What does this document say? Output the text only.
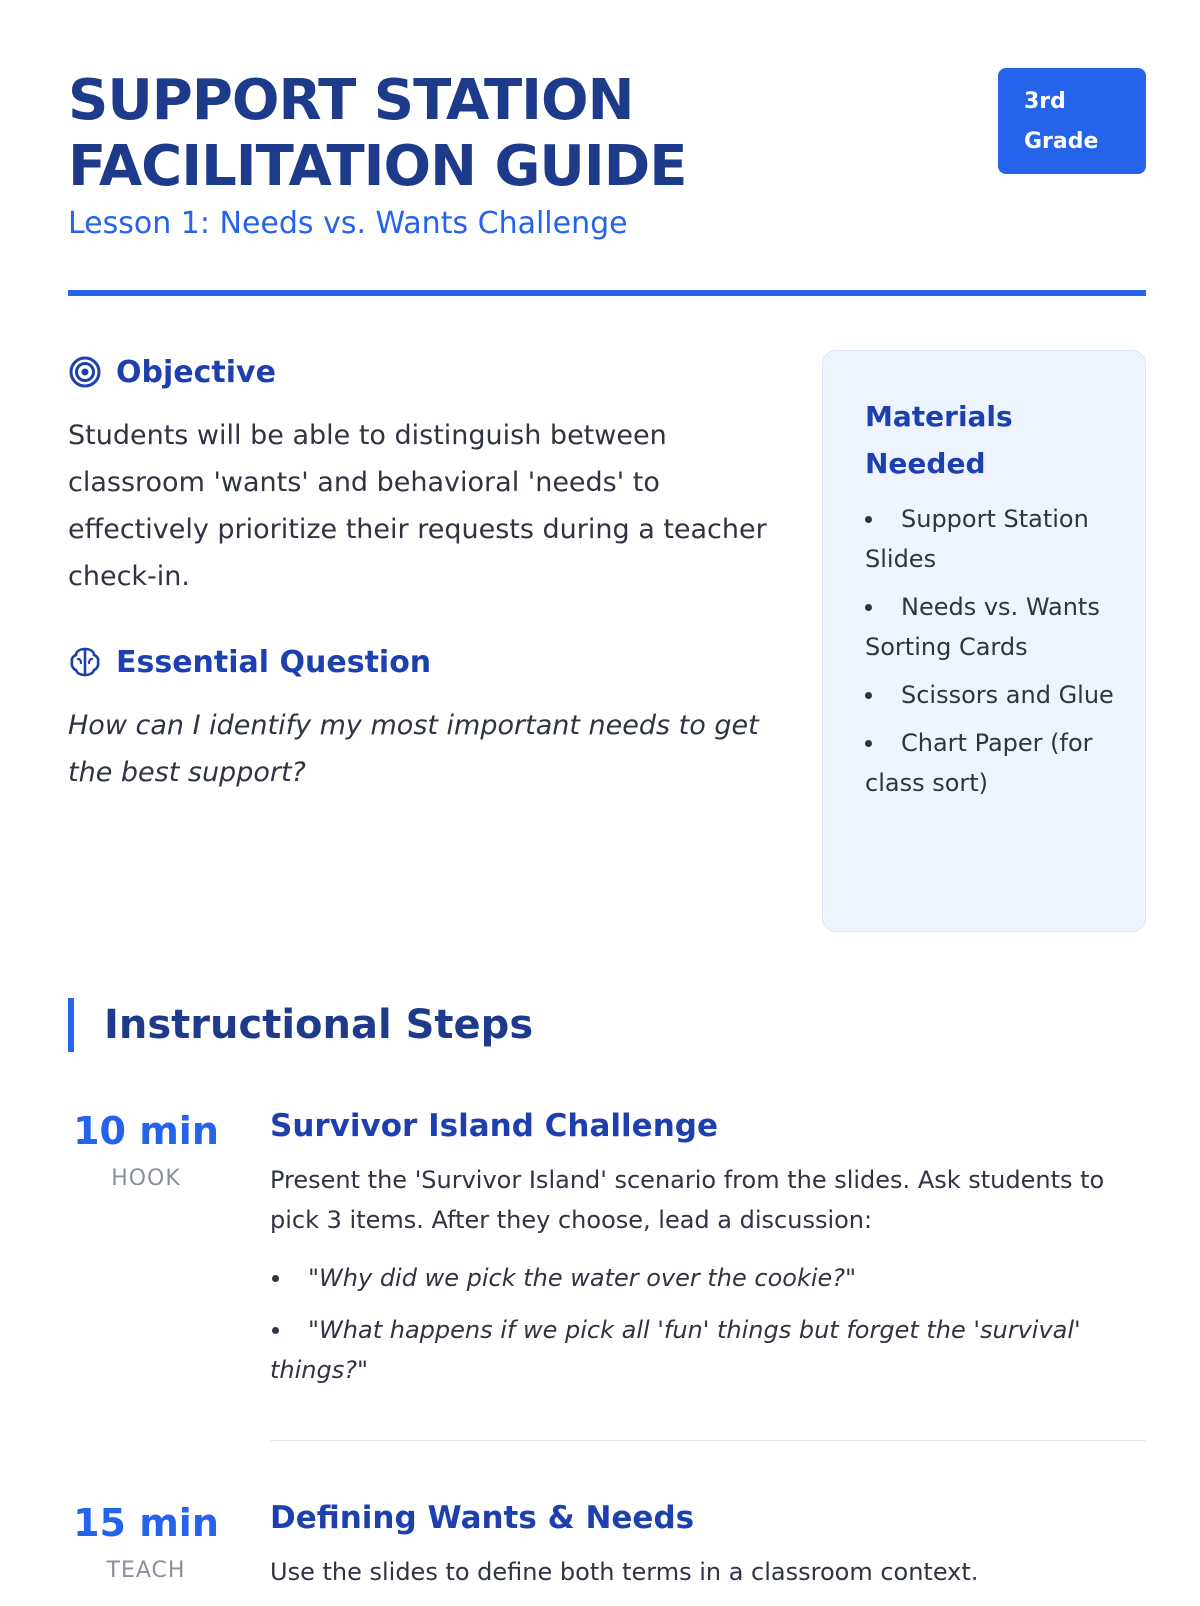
SUPPORT STATION
FACILITATION GUIDE
Lesson 1: Needs vs. Wants Challenge
3rd
Grade
Objective

Students will be able to distinguish between classroom 'wants' and behavioral 'needs' to effectively prioritize their requests during a teacher check-in.

Essential Question

How can I identify my most important needs to get the best support?

Materials Needed
Support Station Slides
Needs vs. Wants Sorting Cards
Scissors and Glue
Chart Paper (for class sort)
Instructional Steps
10 min
HOOK
Survivor Island Challenge

Present the 'Survivor Island' scenario from the slides. Ask students to pick 3 items. After they choose, lead a discussion:

"Why did we pick the water over the cookie?"
"What happens if we pick all 'fun' things but forget the 'survival' things?"
15 min
TEACH
Defining Wants & Needs

Use the slides to define both terms in a classroom context.
